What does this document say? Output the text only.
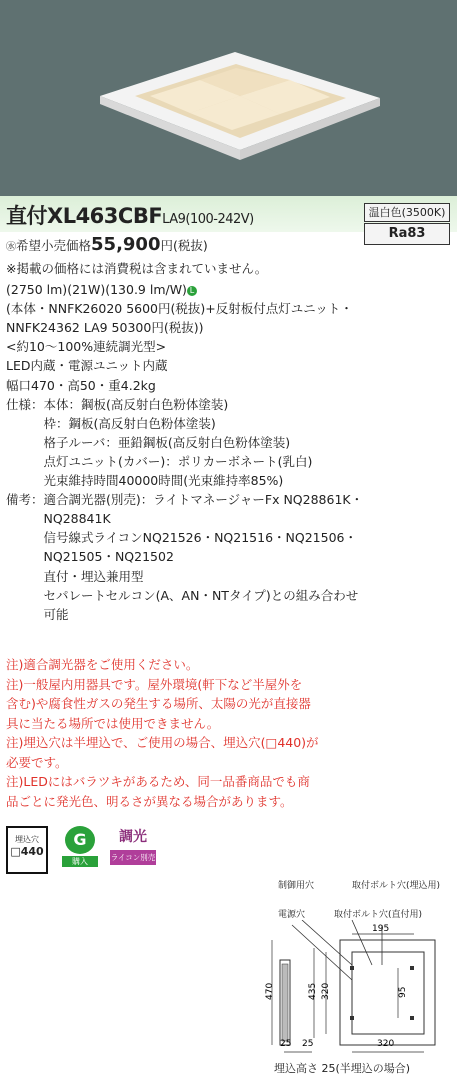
直付XL463CBFLA9(100-242V)	温白色(3500K)
Ra83
㊌希望小売価格55,900円(税抜)
※掲載の価格には消費税は含まれていません。
(2750 lm)(21W)(130.9 lm/W) L
(本体・NNFK26020 5600円(税抜)+反射板付点灯ユニット・
NNFK24362 LA9 50300円(税抜))
<約10～100%連続調光型>
LED内蔵・電源ユニット内蔵
幅口470・高50・重4.2kg
仕様：本体：鋼板(高反射白色粉体塗装)
　　　枠：鋼板(高反射白色粉体塗装)
　　　格子ルーバ：亜鉛鋼板(高反射白色粉体塗装)
　　　点灯ユニット(カバー)：ポリカーボネート(乳白)
　　　光束維持時間40000時間(光束維持率85%)
備考：適合調光器(別売)：ライトマネージャーFx NQ28861K・
　　　NQ28841K
　　　信号線式ライコンNQ21526・NQ21516・NQ21506・
　　　NQ21505・NQ21502
　　　直付・埋込兼用型
　　　セパレートセルコン(A、AN・NTタイプ)との組み合わせ
　　　可能
注)適合調光器をご使用ください。
注)一般屋内用器具です。屋外環境(軒下など半屋外を
含む)や腐食性ガスの発生する場所、太陽の光が直接器
具に当たる場所では使用できません。
注)埋込穴は半埋込で、ご使用の場合、埋込穴(□440)が
必要です。
注)LEDにはバラツキがあるため、同一品番商品でも商
品ごとに発光色、明るさが異なる場合があります。
埋込穴
□440
G
購入
調光
ライコン別売
制御用穴	取付ボルト穴(埋込用)
電源穴	取付ボルト穴(直付用)
195
470	435 320	95
25 25	320
埋込高さ 25(半埋込の場合)
